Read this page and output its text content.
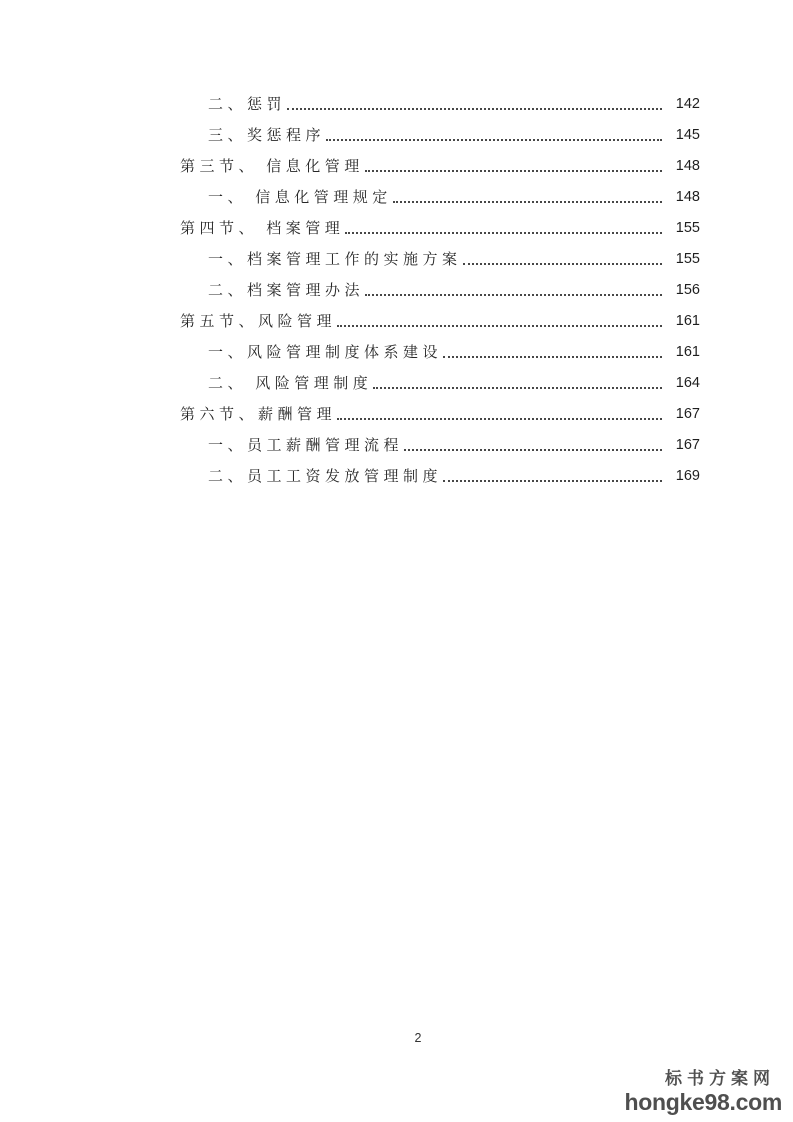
二、惩罚	142
三、奖惩程序	145
第三节、 信息化管理	148
一、 信息化管理规定	148
第四节、 档案管理	155
一、档案管理工作的实施方案	155
二、档案管理办法	156
第五节、风险管理	161
一、风险管理制度体系建设	161
二、 风险管理制度	164
第六节、薪酬管理	167
一、员工薪酬管理流程	167
二、员工工资发放管理制度	169
2
标书方案网
hongke98.com
